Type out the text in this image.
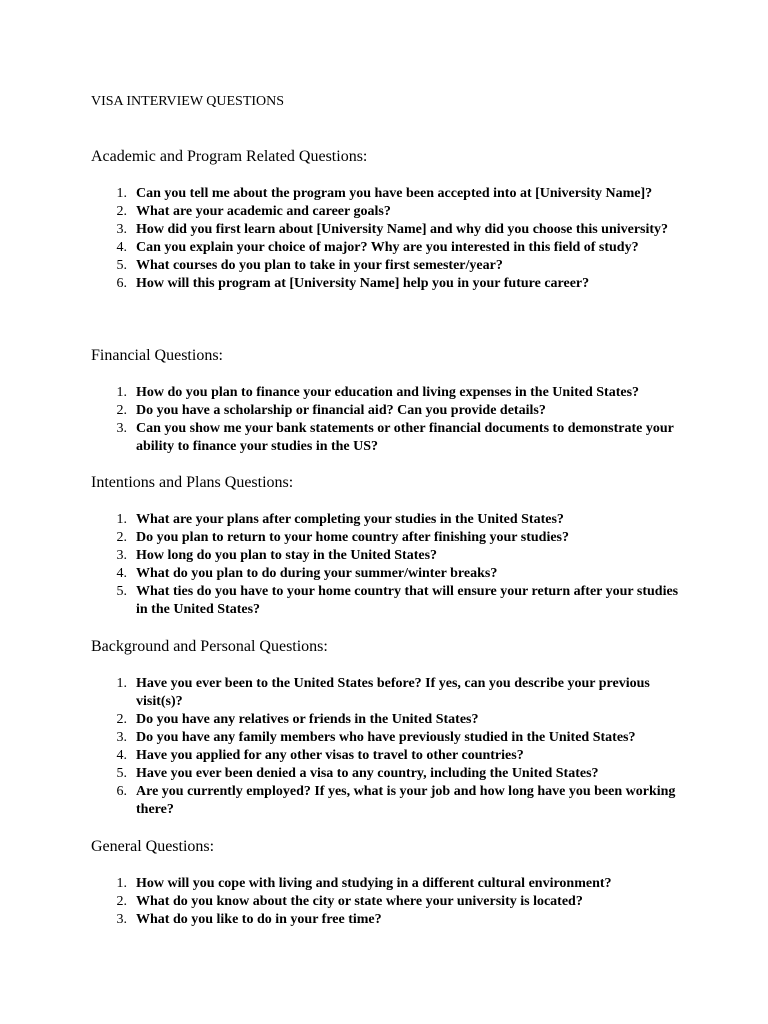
VISA INTERVIEW QUESTIONS
Academic and Program Related Questions:
1. Can you tell me about the program you have been accepted into at [University Name]?
2. What are your academic and career goals?
3. How did you first learn about [University Name] and why did you choose this university?
4. Can you explain your choice of major? Why are you interested in this field of study?
5. What courses do you plan to take in your first semester/year?
6. How will this program at [University Name] help you in your future career?
Financial Questions:
1. How do you plan to finance your education and living expenses in the United States?
2. Do you have a scholarship or financial aid? Can you provide details?
3. Can you show me your bank statements or other financial documents to demonstrate your ability to finance your studies in the US?
Intentions and Plans Questions:
1. What are your plans after completing your studies in the United States?
2. Do you plan to return to your home country after finishing your studies?
3. How long do you plan to stay in the United States?
4. What do you plan to do during your summer/winter breaks?
5. What ties do you have to your home country that will ensure your return after your studies in the United States?
Background and Personal Questions:
1. Have you ever been to the United States before? If yes, can you describe your previous visit(s)?
2. Do you have any relatives or friends in the United States?
3. Do you have any family members who have previously studied in the United States?
4. Have you applied for any other visas to travel to other countries?
5. Have you ever been denied a visa to any country, including the United States?
6. Are you currently employed? If yes, what is your job and how long have you been working there?
General Questions:
1. How will you cope with living and studying in a different cultural environment?
2. What do you know about the city or state where your university is located?
3. What do you like to do in your free time?
